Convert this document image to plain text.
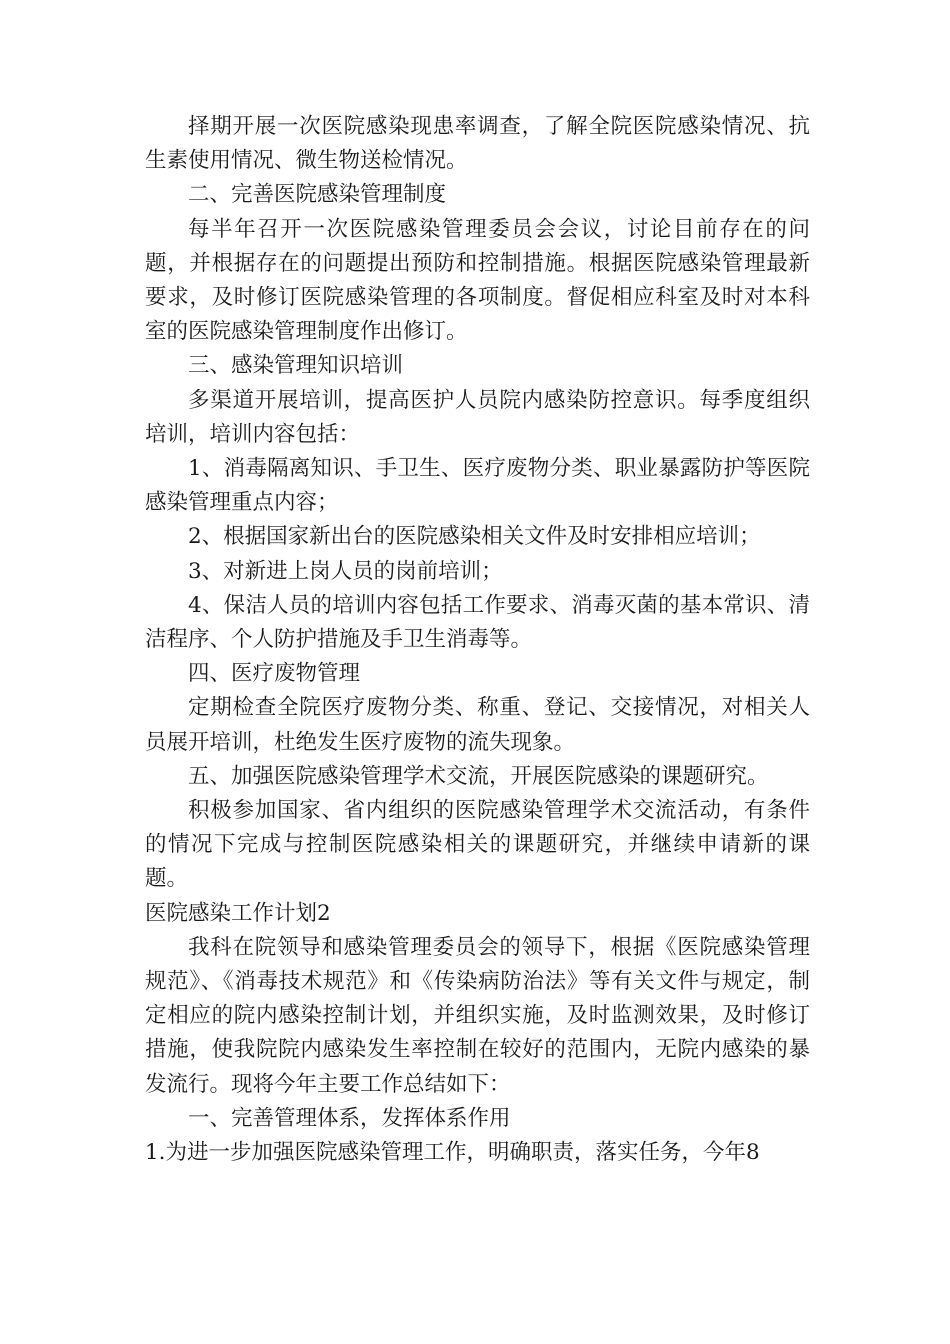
择期开展一次医院感染现患率调查，了解全院医院感染情况、抗生素使用情况、微生物送检情况。

二、完善医院感染管理制度

每半年召开一次医院感染管理委员会会议，讨论目前存在的问题，并根据存在的问题提出预防和控制措施。根据医院感染管理最新要求，及时修订医院感染管理的各项制度。督促相应科室及时对本科室的医院感染管理制度作出修订。

三、感染管理知识培训

多渠道开展培训，提高医护人员院内感染防控意识。每季度组织培训，培训内容包括：

1、消毒隔离知识、手卫生、医疗废物分类、职业暴露防护等医院感染管理重点内容；

2、根据国家新出台的医院感染相关文件及时安排相应培训；

3、对新进上岗人员的岗前培训；

4、保洁人员的培训内容包括工作要求、消毒灭菌的基本常识、清洁程序、个人防护措施及手卫生消毒等。

四、医疗废物管理

定期检查全院医疗废物分类、称重、登记、交接情况，对相关人员展开培训，杜绝发生医疗废物的流失现象。

五、加强医院感染管理学术交流，开展医院感染的课题研究。

积极参加国家、省内组织的医院感染管理学术交流活动，有条件的情况下完成与控制医院感染相关的课题研究，并继续申请新的课题。

医院感染工作计划2

我科在院领导和感染管理委员会的领导下，根据《医院感染管理规范》、《消毒技术规范》和《传染病防治法》等有关文件与规定，制定相应的院内感染控制计划，并组织实施，及时监测效果，及时修订措施，使我院院内感染发生率控制在较好的范围内，无院内感染的暴发流行。现将今年主要工作总结如下：

一、完善管理体系，发挥体系作用

1.为进一步加强医院感染管理工作，明确职责，落实任务，今年8
